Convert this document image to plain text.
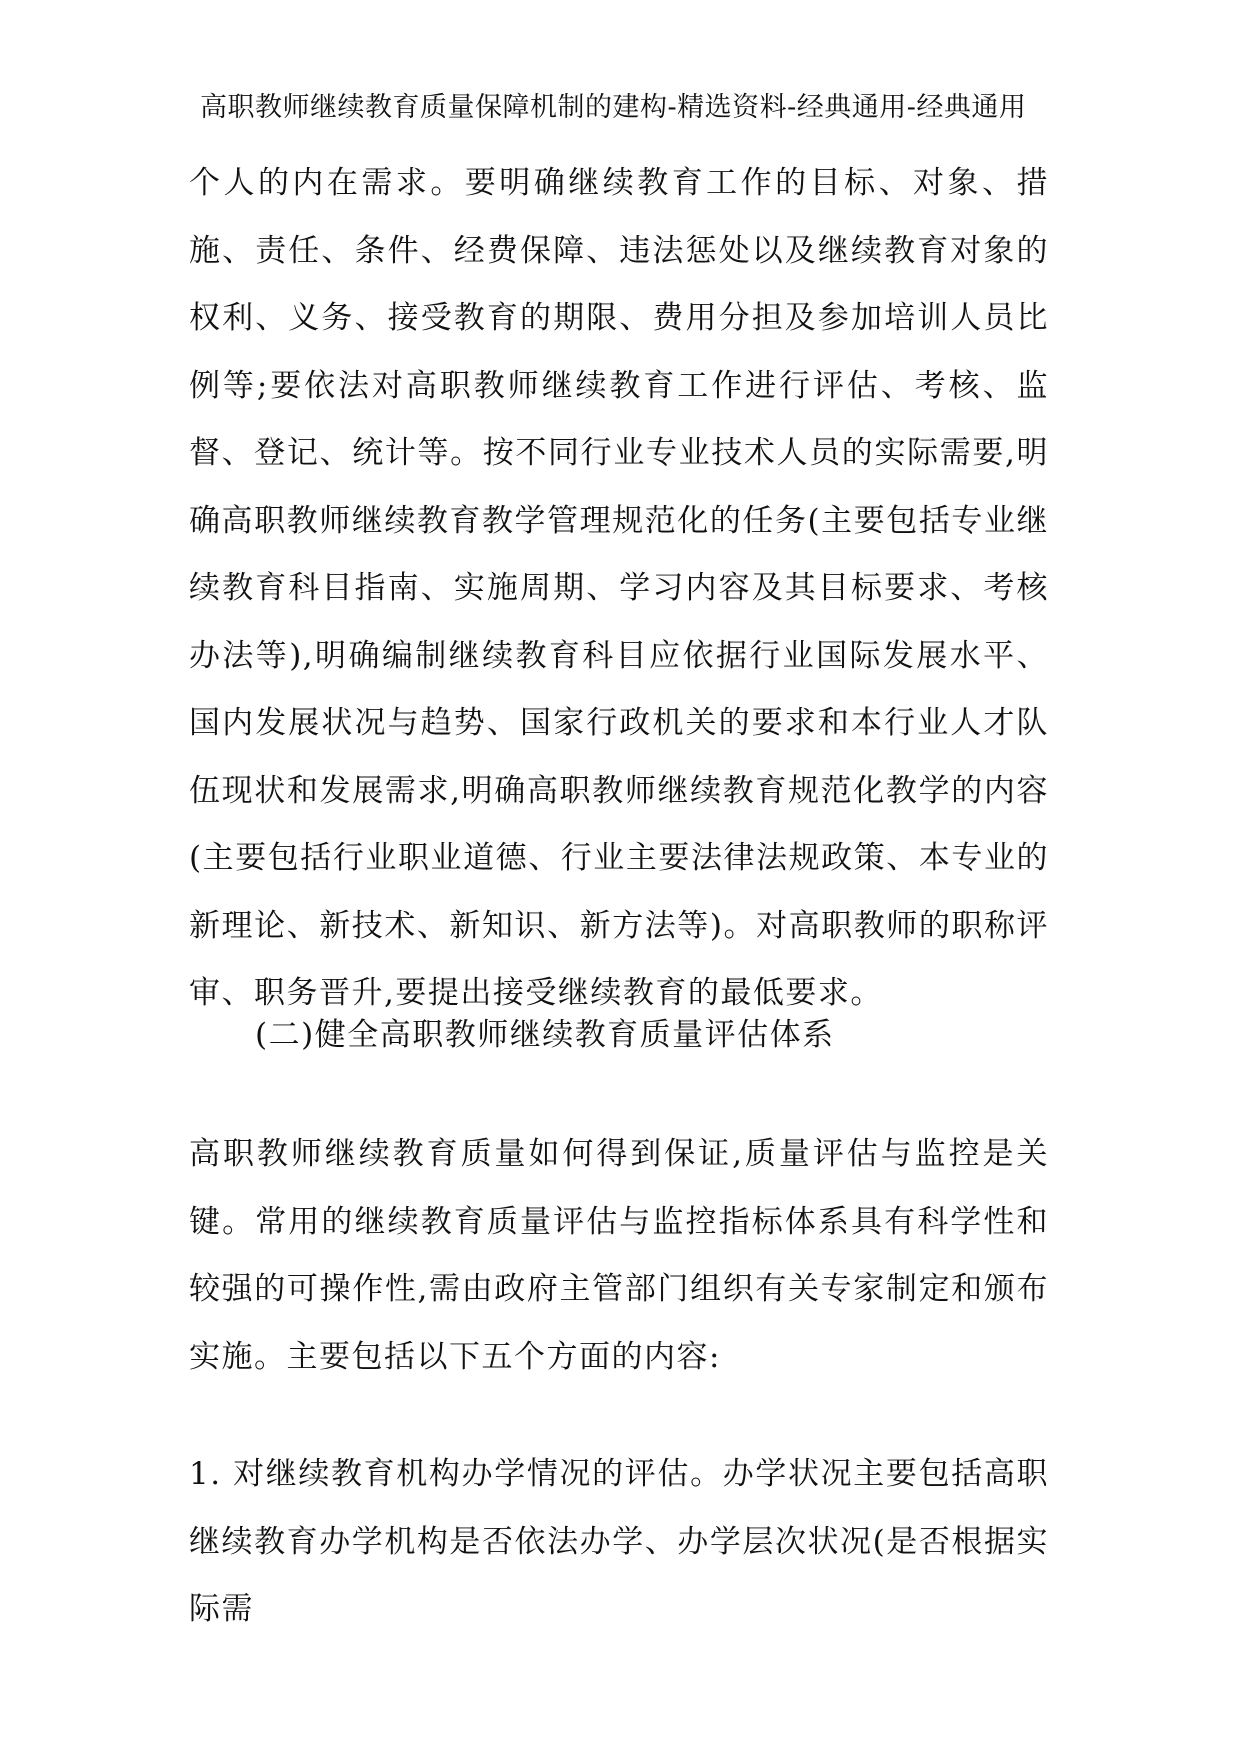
高职教师继续教育质量保障机制的建构-精选资料-经典通用-经典通用

个人的内在需求。要明确继续教育工作的目标、对象、措施、责任、条件、经费保障、违法惩处以及继续教育对象的权利、义务、接受教育的期限、费用分担及参加培训人员比例等;要依法对高职教师继续教育工作进行评估、考核、监督、登记、统计等。按不同行业专业技术人员的实际需要,明确高职教师继续教育教学管理规范化的任务(主要包括专业继续教育科目指南、实施周期、学习内容及其目标要求、考核办法等),明确编制继续教育科目应依据行业国际发展水平、国内发展状况与趋势、国家行政机关的要求和本行业人才队伍现状和发展需求,明确高职教师继续教育规范化教学的内容(主要包括行业职业道德、行业主要法律法规政策、本专业的新理论、新技术、新知识、新方法等)。对高职教师的职称评审、职务晋升,要提出接受继续教育的最低要求。

(二)健全高职教师继续教育质量评估体系

高职教师继续教育质量如何得到保证,质量评估与监控是关键。常用的继续教育质量评估与监控指标体系具有科学性和较强的可操作性,需由政府主管部门组织有关专家制定和颁布实施。主要包括以下五个方面的内容:

1. 对继续教育机构办学情况的评估。办学状况主要包括高职继续教育办学机构是否依法办学、办学层次状况(是否根据实际需
